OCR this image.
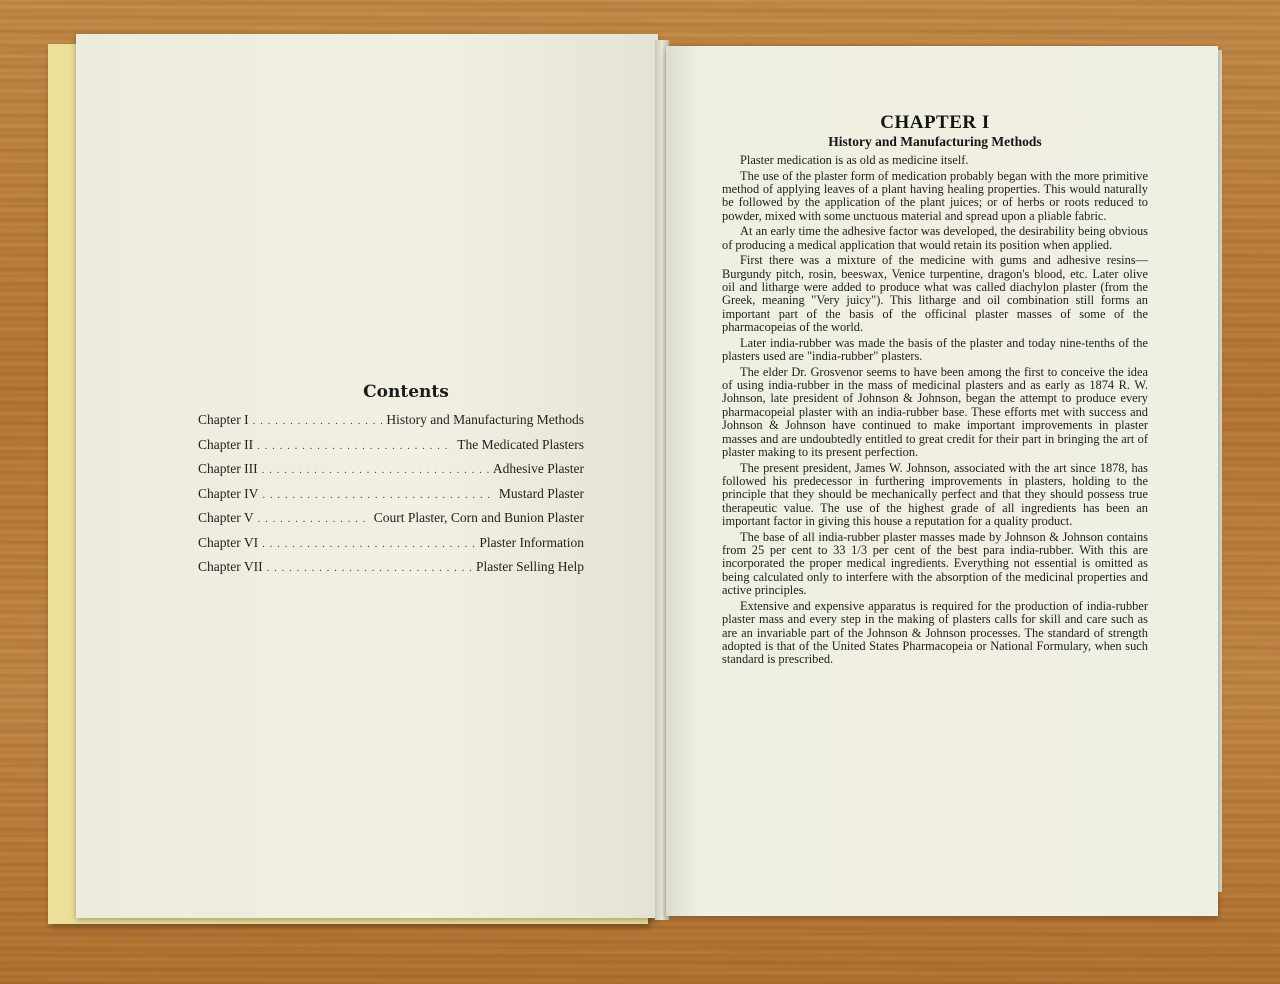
Contents
Chapter I . . .	History and Manufacturing Methods
Chapter II . . .	The Medicated Plasters
Chapter III . . .	Adhesive Plaster
Chapter IV . . .	Mustard Plaster
Chapter V . . .	Court Plaster, Corn and Bunion Plaster
Chapter VI . . .	Plaster Information
Chapter VII . . .	Plaster Selling Help
CHAPTER I
History and Manufacturing Methods

Plaster medication is as old as medicine itself.

The use of the plaster form of medication probably began with the more primitive method of applying leaves of a plant having healing properties. This would naturally be followed by the application of the plant juices; or of herbs or roots reduced to powder, mixed with some unctuous material and spread upon a pliable fabric.

At an early time the adhesive factor was developed, the desirability being obvious of producing a medical application that would retain its position when applied.

First there was a mixture of the medicine with gums and adhesive resins—Burgundy pitch, rosin, beeswax, Venice turpentine, dragon's blood, etc. Later olive oil and litharge were added to produce what was called diachylon plaster (from the Greek, meaning "Very juicy"). This litharge and oil combination still forms an important part of the basis of the officinal plaster masses of some of the pharmacopeias of the world.

Later india-rubber was made the basis of the plaster and today nine-tenths of the plasters used are "india-rubber" plasters.

The elder Dr. Grosvenor seems to have been among the first to conceive the idea of using india-rubber in the mass of medicinal plasters and as early as 1874 R. W. Johnson, late president of Johnson & Johnson, began the attempt to produce every pharmacopeial plaster with an india-rubber base. These efforts met with success and Johnson & Johnson have continued to make important improvements in plaster masses and are undoubtedly entitled to great credit for their part in bringing the art of plaster making to its present perfection.

The present president, James W. Johnson, associated with the art since 1878, has followed his predecessor in furthering improvements in plasters, holding to the principle that they should be mechanically perfect and that they should possess true therapeutic value. The use of the highest grade of all ingredients has been an important factor in giving this house a reputation for a quality product.

The base of all india-rubber plaster masses made by Johnson & Johnson contains from 25 per cent to 33 1/3 per cent of the best para india-rubber. With this are incorporated the proper medical ingredients. Everything not essential is omitted as being calculated only to interfere with the absorption of the medicinal properties and active principles.

Extensive and expensive apparatus is required for the production of india-rubber plaster mass and every step in the making of plasters calls for skill and care such as are an invariable part of the Johnson & Johnson processes. The standard of strength adopted is that of the United States Pharmacopeia or National Formulary, when such standard is prescribed.
